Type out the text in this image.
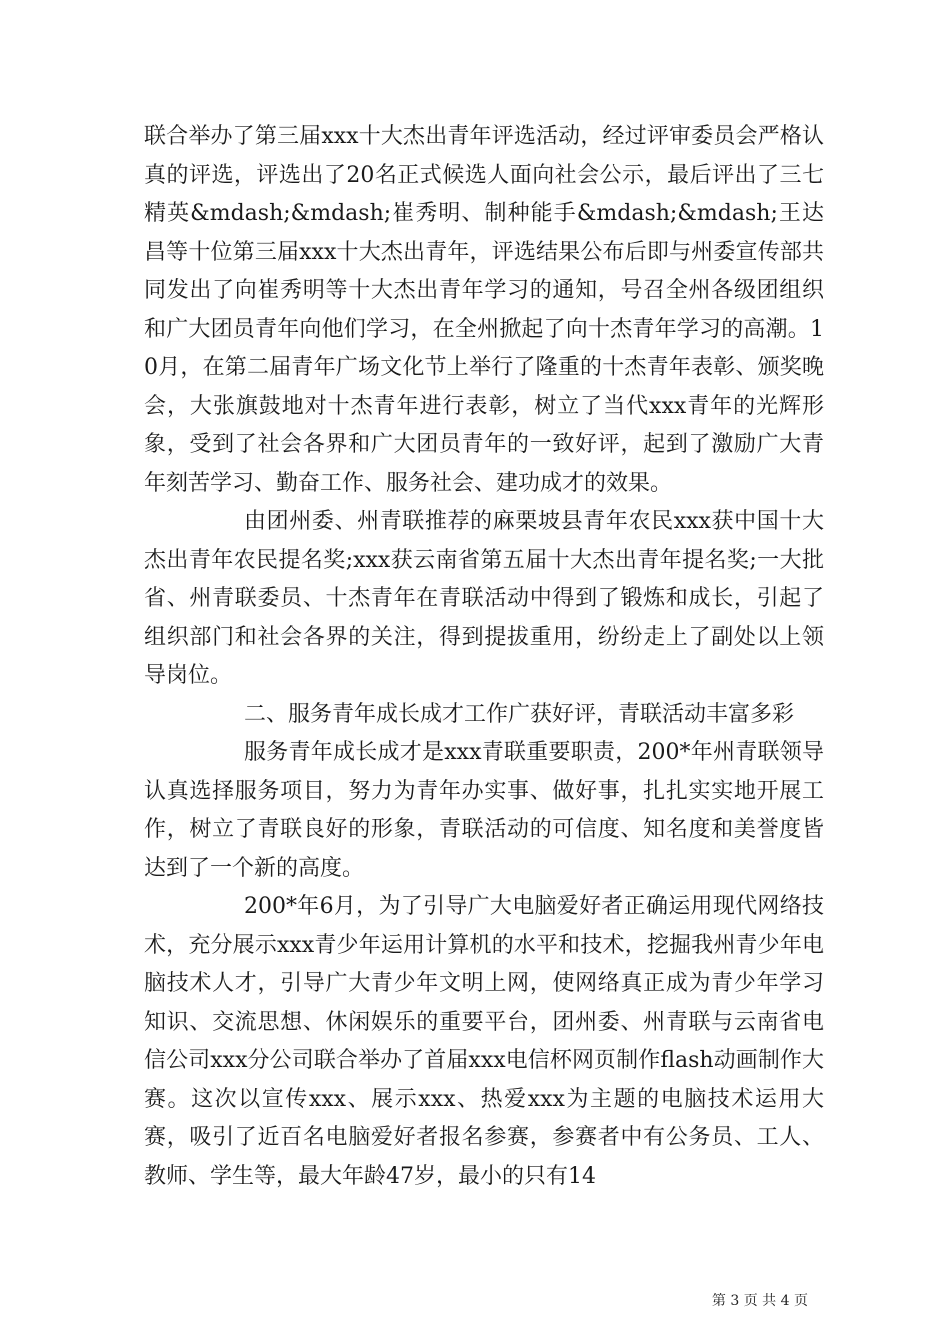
联合举办了第三届xxx十大杰出青年评选活动，经过评审委员会严格认真的评选，评选出了20名正式候选人面向社会公示，最后评出了三七精英&mdash;&mdash;崔秀明、制种能手&mdash;&mdash;王达昌等十位第三届xxx十大杰出青年，评选结果公布后即与州委宣传部共同发出了向崔秀明等十大杰出青年学习的通知，号召全州各级团组织和广大团员青年向他们学习，在全州掀起了向十杰青年学习的高潮。10月，在第二届青年广场文化节上举行了隆重的十杰青年表彰、颁奖晚会，大张旗鼓地对十杰青年进行表彰，树立了当代xxx青年的光辉形象，受到了社会各界和广大团员青年的一致好评，起到了激励广大青年刻苦学习、勤奋工作、服务社会、建功成才的效果。

由团州委、州青联推荐的麻栗坡县青年农民xxx获中国十大杰出青年农民提名奖;xxx获云南省第五届十大杰出青年提名奖;一大批省、州青联委员、十杰青年在青联活动中得到了锻炼和成长，引起了组织部门和社会各界的关注，得到提拔重用，纷纷走上了副处以上领导岗位。

二、服务青年成长成才工作广获好评，青联活动丰富多彩

服务青年成长成才是xxx青联重要职责，200*年州青联领导认真选择服务项目，努力为青年办实事、做好事，扎扎实实地开展工作，树立了青联良好的形象，青联活动的可信度、知名度和美誉度皆达到了一个新的高度。

200*年6月，为了引导广大电脑爱好者正确运用现代网络技术，充分展示xxx青少年运用计算机的水平和技术，挖掘我州青少年电脑技术人才，引导广大青少年文明上网，使网络真正成为青少年学习知识、交流思想、休闲娱乐的重要平台，团州委、州青联与云南省电信公司xxx分公司联合举办了首届xxx电信杯网页制作flash动画制作大赛。这次以宣传xxx、展示xxx、热爱xxx为主题的电脑技术运用大赛，吸引了近百名电脑爱好者报名参赛，参赛者中有公务员、工人、教师、学生等，最大年龄47岁，最小的只有14

第 3 页 共 4 页
